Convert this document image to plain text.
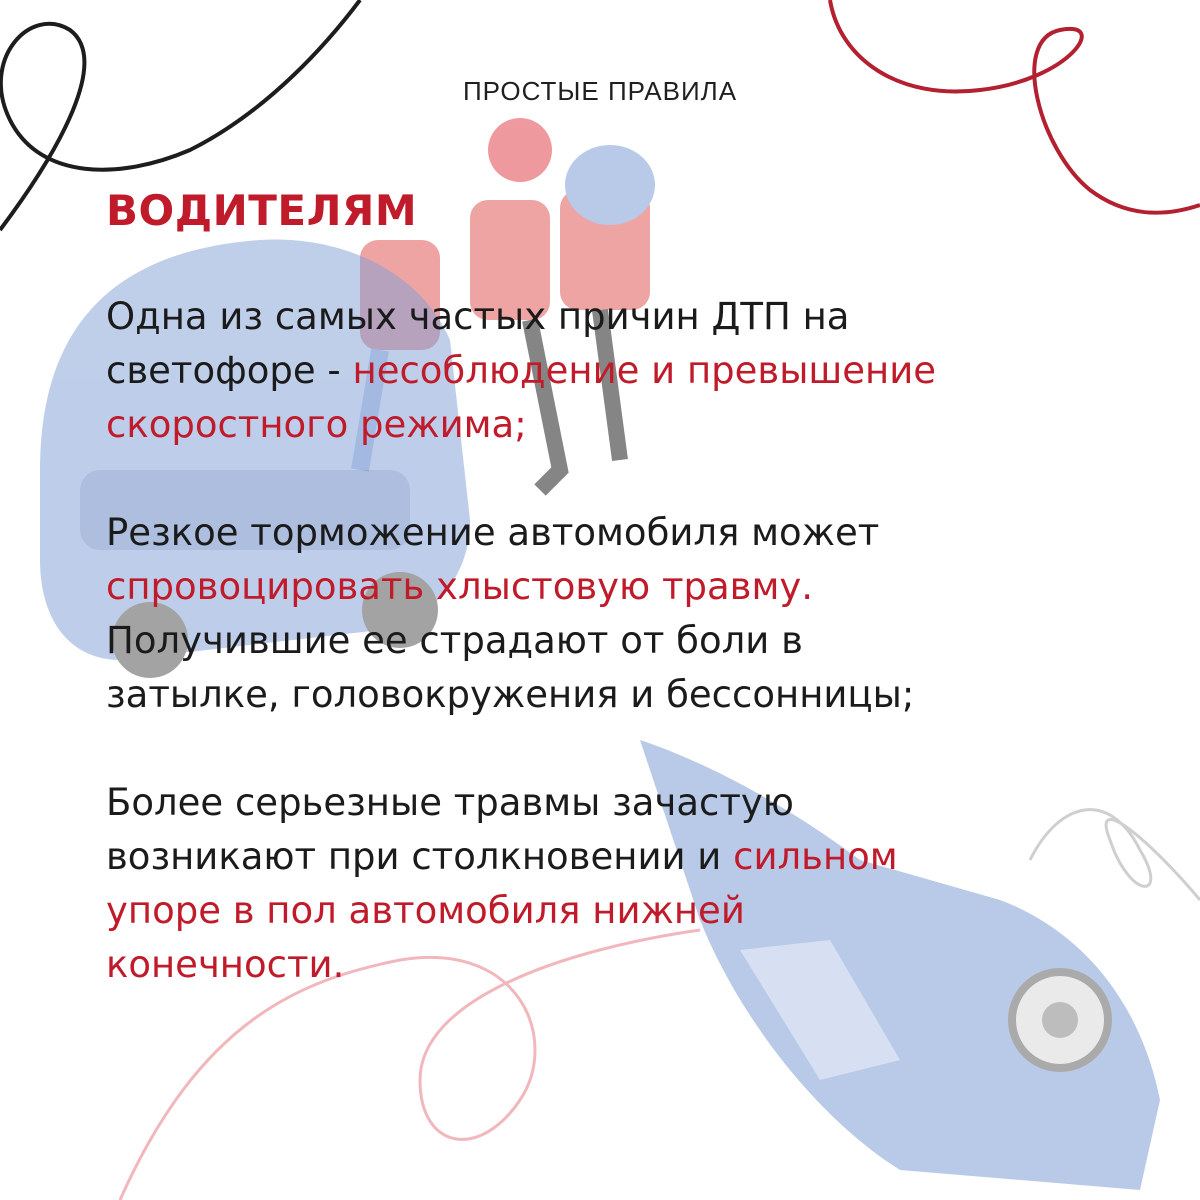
ПРОСТЫЕ ПРАВИЛА
ВОДИТЕЛЯМ
Одна из самых частых причин ДТП на
светофоре - несоблюдение и превышение
скоростного режима;
Резкое торможение автомобиля может
спровоцировать хлыстовую травму.
Получившие ее страдают от боли в
затылке, головокружения и бессонницы;
Более серьезные травмы зачастую
возникают при столкновении и сильном
упоре в пол автомобиля нижней
конечности.
